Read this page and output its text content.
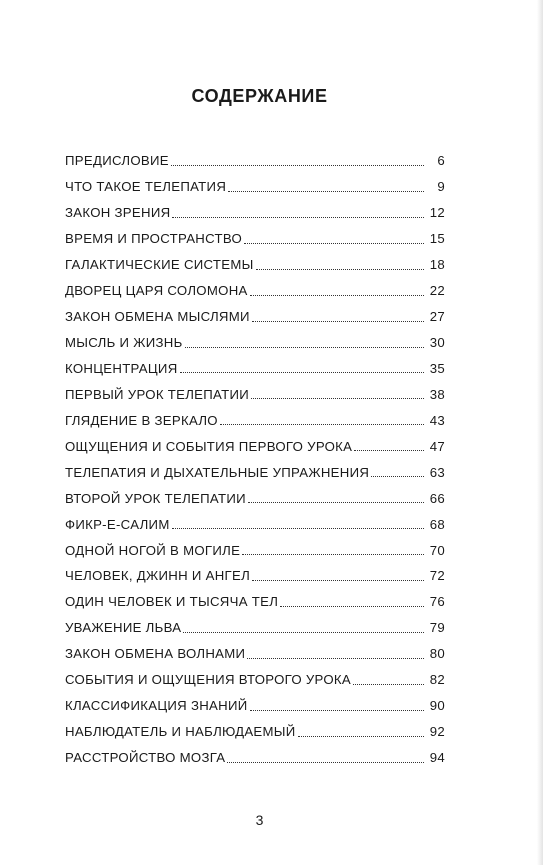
СОДЕРЖАНИЕ
ПРЕДИСЛОВИЕ	6
ЧТО ТАКОЕ ТЕЛЕПАТИЯ	9
ЗАКОН ЗРЕНИЯ	12
ВРЕМЯ И ПРОСТРАНСТВО	15
ГАЛАКТИЧЕСКИЕ СИСТЕМЫ	18
ДВОРЕЦ ЦАРЯ СОЛОМОНА	22
ЗАКОН ОБМЕНА МЫСЛЯМИ	27
МЫСЛЬ И ЖИЗНЬ	30
КОНЦЕНТРАЦИЯ	35
ПЕРВЫЙ УРОК ТЕЛЕПАТИИ	38
ГЛЯДЕНИЕ В ЗЕРКАЛО	43
ОЩУЩЕНИЯ И СОБЫТИЯ ПЕРВОГО УРОКА	47
ТЕЛЕПАТИЯ И ДЫХАТЕЛЬНЫЕ УПРАЖНЕНИЯ	63
ВТОРОЙ УРОК ТЕЛЕПАТИИ	66
ФИКР-Е-САЛИМ	68
ОДНОЙ НОГОЙ В МОГИЛЕ	70
ЧЕЛОВЕК, ДЖИНН И АНГЕЛ	72
ОДИН ЧЕЛОВЕК И ТЫСЯЧА ТЕЛ	76
УВАЖЕНИЕ ЛЬВА	79
ЗАКОН ОБМЕНА ВОЛНАМИ	80
СОБЫТИЯ И ОЩУЩЕНИЯ ВТОРОГО УРОКА	82
КЛАССИФИКАЦИЯ ЗНАНИЙ	90
НАБЛЮДАТЕЛЬ И НАБЛЮДАЕМЫЙ	92
РАССТРОЙСТВО МОЗГА	94
3
